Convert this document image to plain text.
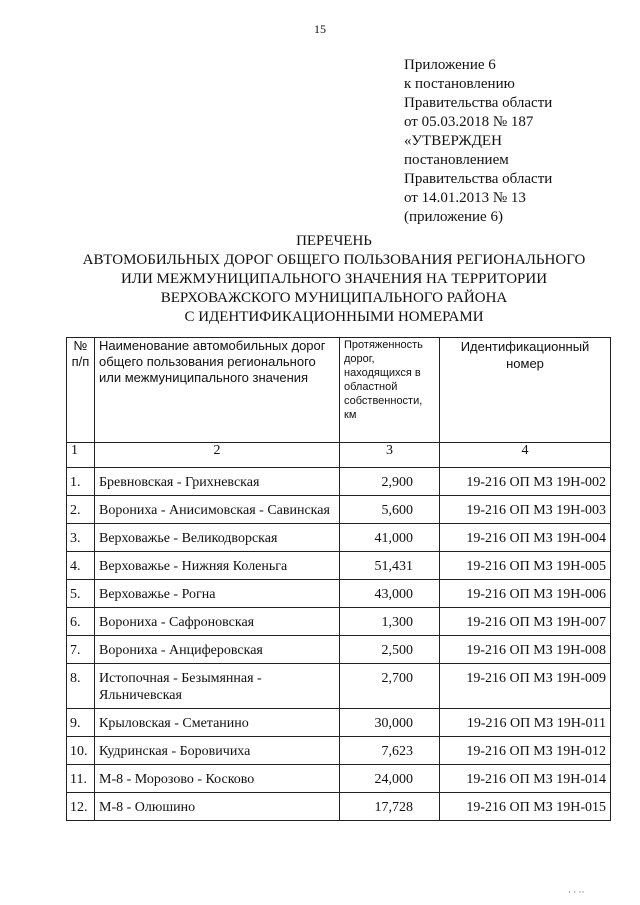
15
Приложение 6
к постановлению
Правительства области
от 05.03.2018 № 187
«УТВЕРЖДЕН
постановлением
Правительства области
от 14.01.2013 № 13
(приложение 6)
ПЕРЕЧЕНЬ
АВТОМОБИЛЬНЫХ ДОРОГ ОБЩЕГО ПОЛЬЗОВАНИЯ РЕГИОНАЛЬНОГО
ИЛИ МЕЖМУНИЦИПАЛЬНОГО ЗНАЧЕНИЯ НА ТЕРРИТОРИИ
ВЕРХОВАЖСКОГО МУНИЦИПАЛЬНОГО РАЙОНА
С ИДЕНТИФИКАЦИОННЫМИ НОМЕРАМИ
№ п/п	Наименование автомобильных дорог общего пользования регионального или межмуниципального значения	Протяженность дорог, находящихся в областной собственности, км	Идентификационный номер
1	2	3	4
1.	Бревновская - Грихневская	2,900	19-216 ОП МЗ 19Н-002
2.	Ворониха - Анисимовская - Савинская	5,600	19-216 ОП МЗ 19Н-003
3.	Верховажье - Великодворская	41,000	19-216 ОП МЗ 19Н-004
4.	Верховажье - Нижняя Коленьга	51,431	19-216 ОП МЗ 19Н-005
5.	Верховажье - Рогна	43,000	19-216 ОП МЗ 19Н-006
6.	Ворониха - Сафроновская	1,300	19-216 ОП МЗ 19Н-007
7.	Ворониха - Анциферовская	2,500	19-216 ОП МЗ 19Н-008
8.	Истопочная - Безымянная - Яльничевская	2,700	19-216 ОП МЗ 19Н-009
9.	Крыловская - Сметанино	30,000	19-216 ОП МЗ 19Н-011
10.	Кудринская - Боровичиха	7,623	19-216 ОП МЗ 19Н-012
11.	М-8 - Морозово - Косково	24,000	19-216 ОП МЗ 19Н-014
12.	М-8 - Олюшино	17,728	19-216 ОП МЗ 19Н-015
· · ··
